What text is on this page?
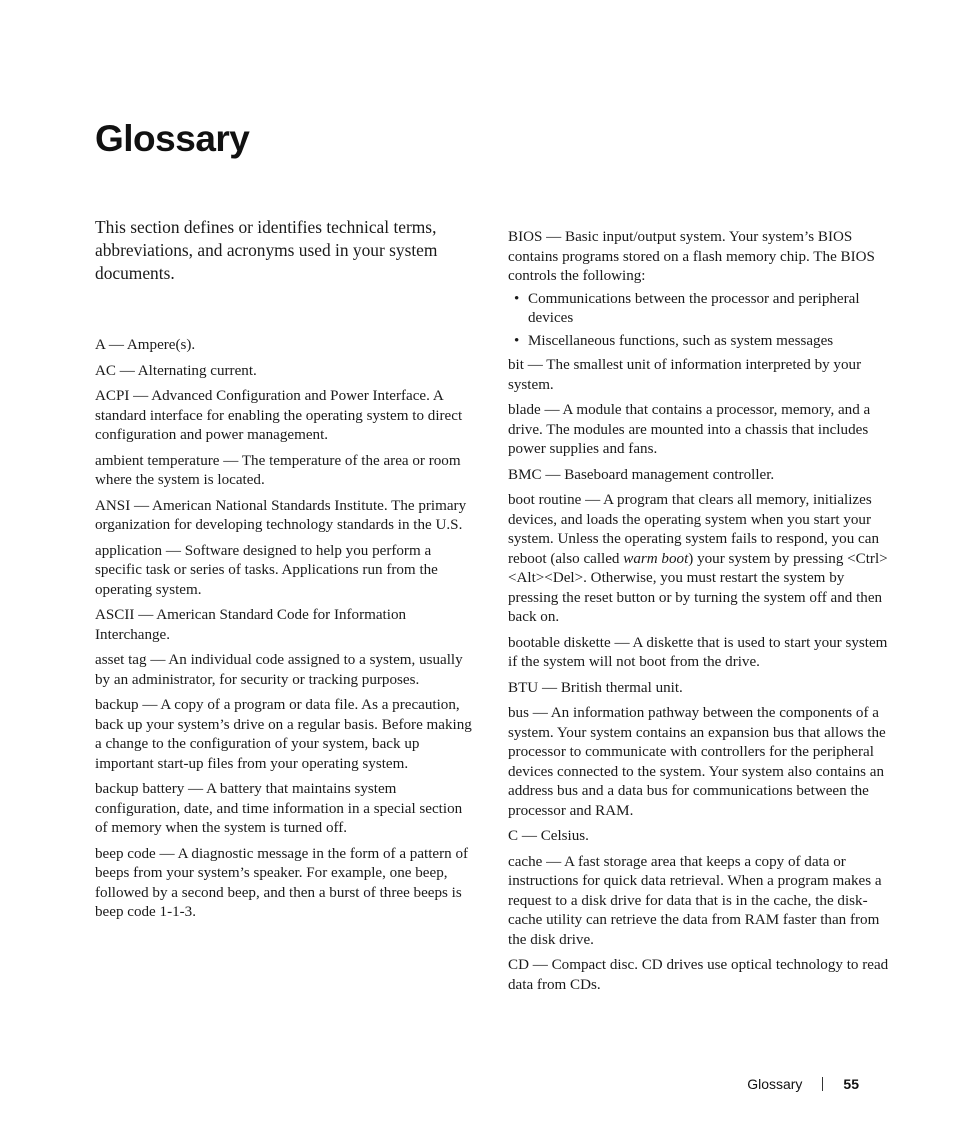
Glossary

This section defines or identifies technical terms, abbreviations, and acronyms used in your system documents.

A — Ampere(s).

AC — Alternating current.

ACPI — Advanced Configuration and Power Interface. A standard interface for enabling the operating system to direct configuration and power management.

ambient temperature — The temperature of the area or room where the system is located.

ANSI — American National Standards Institute. The primary organization for developing technology standards in the U.S.

application — Software designed to help you perform a specific task or series of tasks. Applications run from the operating system.

ASCII — American Standard Code for Information Interchange.

asset tag — An individual code assigned to a system, usually by an administrator, for security or tracking purposes.

backup — A copy of a program or data file. As a precaution, back up your system’s drive on a regular basis. Before making a change to the configuration of your system, back up important start-up files from your operating system.

backup battery — A battery that maintains system configuration, date, and time information in a special section of memory when the system is turned off.

beep code — A diagnostic message in the form of a pattern of beeps from your system’s speaker. For example, one beep, followed by a second beep, and then a burst of three beeps is beep code 1-1-3.

BIOS — Basic input/output system. Your system’s BIOS contains programs stored on a flash memory chip. The BIOS controls the following:

• Communications between the processor and peripheral devices
• Miscellaneous functions, such as system messages

bit — The smallest unit of information interpreted by your system.

blade — A module that contains a processor, memory, and a drive. The modules are mounted into a chassis that includes power supplies and fans.

BMC — Baseboard management controller.

boot routine — A program that clears all memory, initializes devices, and loads the operating system when you start your system. Unless the operating system fails to respond, you can reboot (also called warm boot) your system by pressing <Ctrl><Alt><Del>. Otherwise, you must restart the system by pressing the reset button or by turning the system off and then back on.

bootable diskette — A diskette that is used to start your system if the system will not boot from the drive.

BTU — British thermal unit.

bus — An information pathway between the components of a system. Your system contains an expansion bus that allows the processor to communicate with controllers for the peripheral devices connected to the system. Your system also contains an address bus and a data bus for communications between the processor and RAM.

C — Celsius.

cache — A fast storage area that keeps a copy of data or instructions for quick data retrieval. When a program makes a request to a disk drive for data that is in the cache, the disk-cache utility can retrieve the data from RAM faster than from the disk drive.

CD — Compact disc. CD drives use optical technology to read data from CDs.

Glossary	55
